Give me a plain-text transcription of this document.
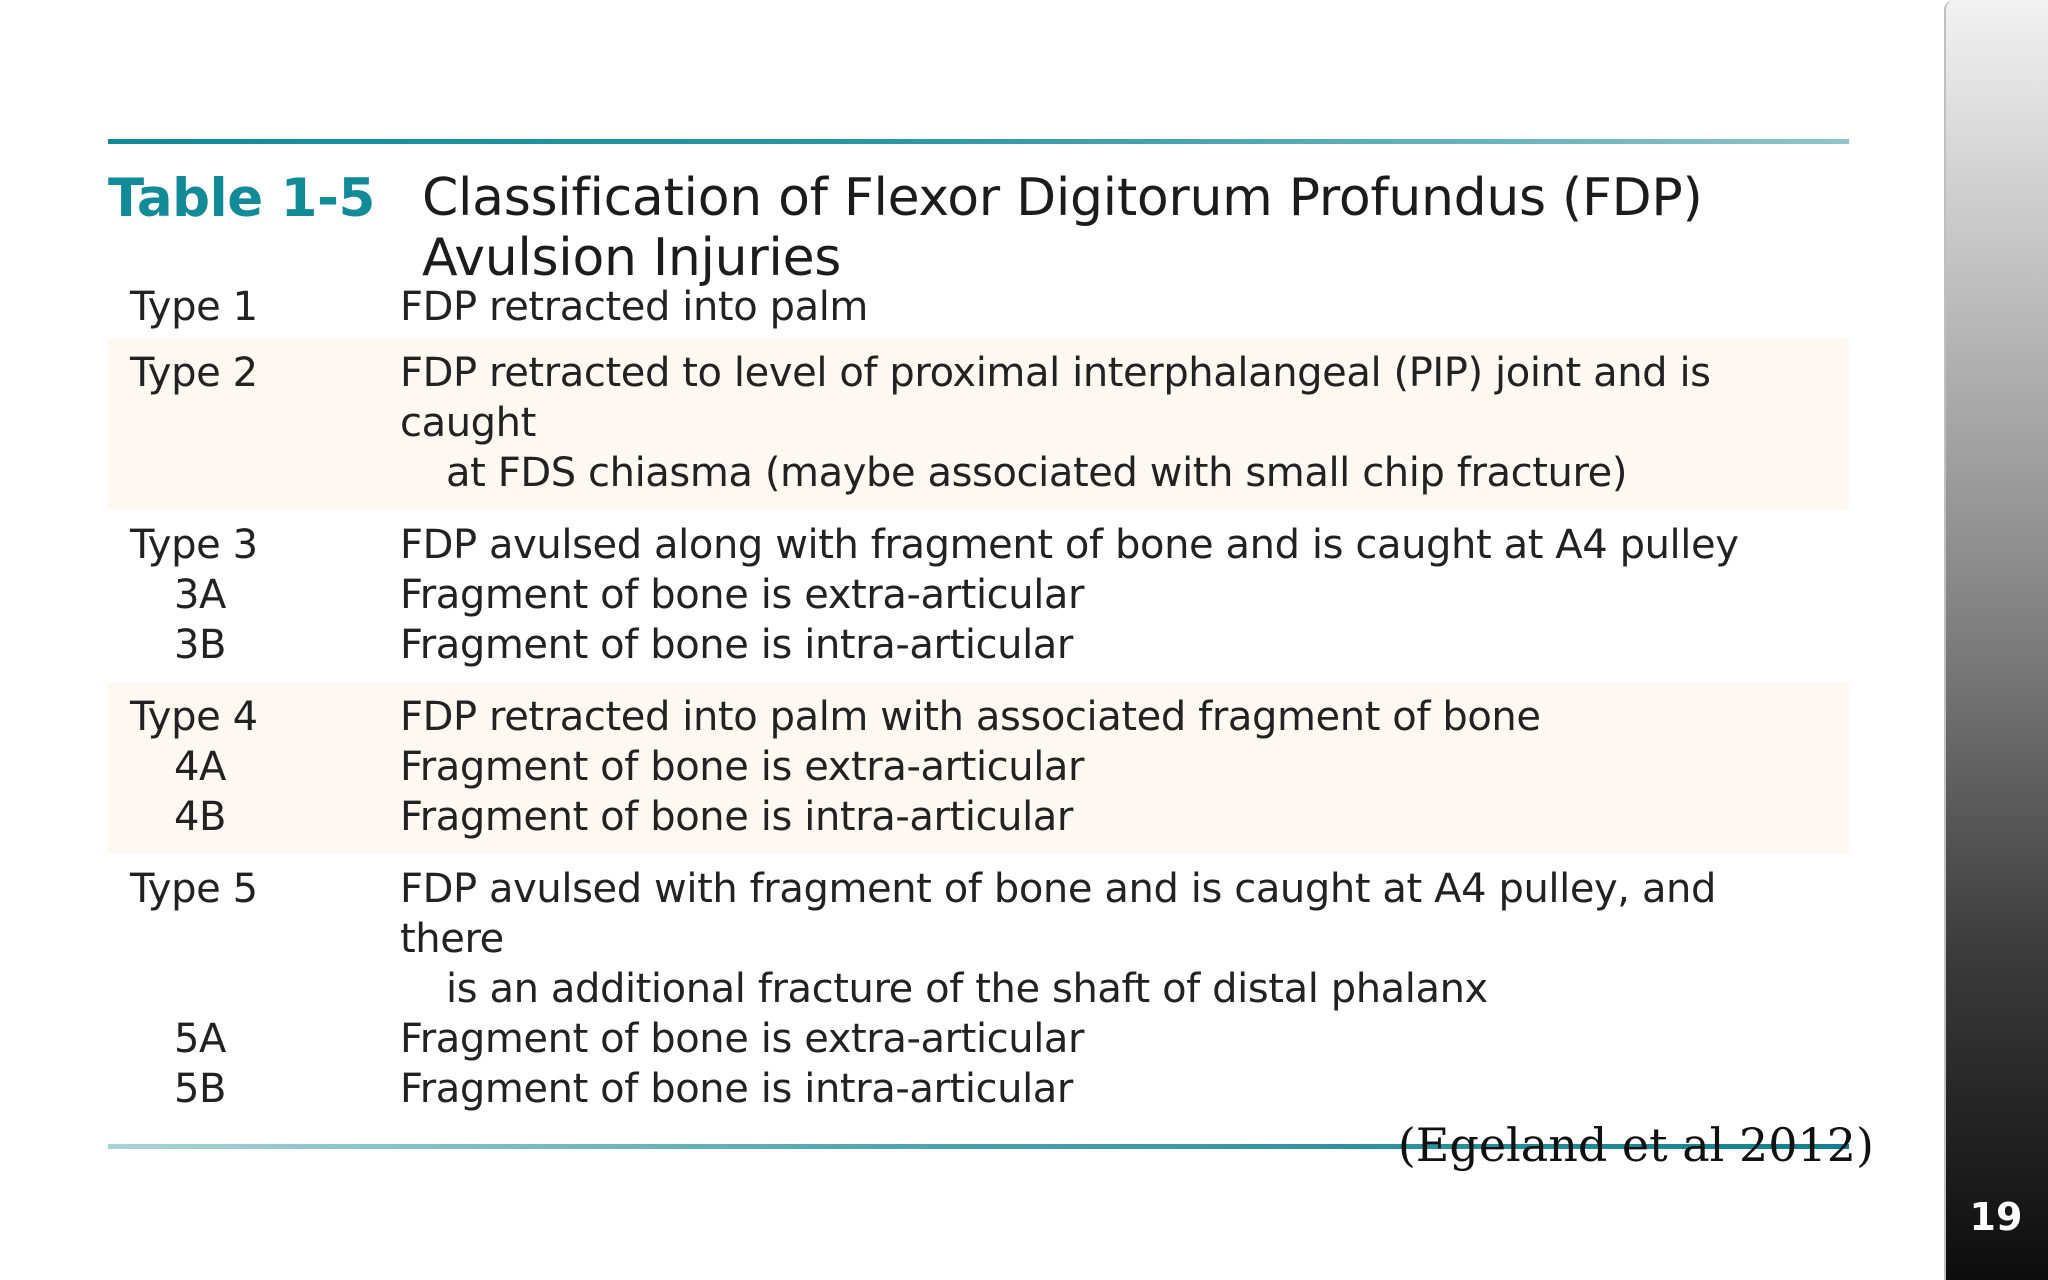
Table 1-5 Classification of Flexor Digitorum Profundus (FDP)
Avulsion Injuries
Type 1	FDP retracted into palm
Type 2	FDP retracted to level of proximal interphalangeal (PIP) joint and is caught
at FDS chiasma (maybe associated with small chip fracture)
Type 3	FDP avulsed along with fragment of bone and is caught at A4 pulley
3A	Fragment of bone is extra-articular
3B	Fragment of bone is intra-articular
Type 4	FDP retracted into palm with associated fragment of bone
4A	Fragment of bone is extra-articular
4B	Fragment of bone is intra-articular
Type 5	FDP avulsed with fragment of bone and is caught at A4 pulley, and there
is an additional fracture of the shaft of distal phalanx
5A	Fragment of bone is extra-articular
5B	Fragment of bone is intra-articular
(Egeland et al 2012)
19
